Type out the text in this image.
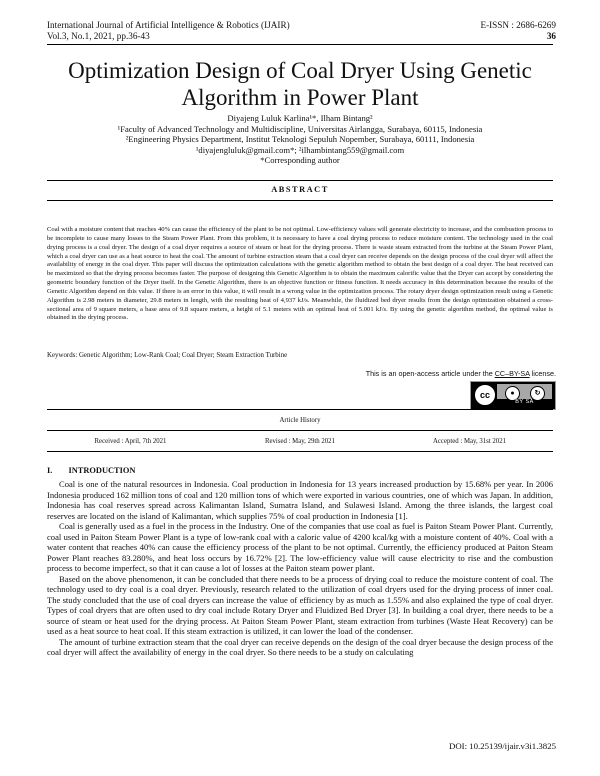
International Journal of Artificial Intelligence & Robotics (IJAIR)
Vol.3, No.1, 2021, pp.36-43
E-ISSN : 2686-6269
36
Optimization Design of Coal Dryer Using Genetic Algorithm in Power Plant
Diyajeng Luluk Karlina¹*, Ilham Bintang²
¹Faculty of Advanced Technology and Multidiscipline, Universitas Airlangga, Surabaya, 60115, Indonesia
²Engineering Physics Department, Institut Teknologi Sepuluh Nopember, Surabaya, 60111, Indonesia
¹diyajengluluk@gmail.com*; ²ilhambintang559@gmail.com
*Corresponding author
ABSTRACT
Coal with a moisture content that reaches 40% can cause the efficiency of the plant to be not optimal. Low-efficiency values will generate electricity to increase, and the combustion process to be incomplete to cause many losses to the Steam Power Plant. From this problem, it is necessary to have a coal drying process to reduce moisture content. The technology used in the coal drying process is a coal dryer. The design of a coal dryer requires a source of steam or heat for the drying process. There is waste steam extracted from the turbine at the Steam Power Plant, which a coal dryer can use as a heat source to heat the coal. The amount of turbine extraction steam that a coal dryer can receive depends on the design process of the coal dryer will affect the availability of energy in the coal dryer. This paper will discuss the optimization calculations with the genetic algorithm method to obtain the best design of a coal dryer. The heat received can be maximized so that the drying process becomes faster. The purpose of designing this Genetic Algorithm is to obtain the maximum calorific value that the Dryer can accept by considering the geometric boundary function of the Dryer itself. In the Genetic Algorithm, there is an objective function or fitness function. It needs accuracy in this determination because the results of the Genetic Algorithm depend on this value. If there is an error in this value, it will result in a wrong value in the optimization process. The rotary dryer design optimization result using a Genetic Algorithm is 2.98 meters in diameter, 29.8 meters in length, with the resulting heat of 4,937 kJ/s. Meanwhile, the fluidized bed dryer results from the design optimization obtained a cross-sectional area of 9 square meters, a base area of 9.8 square meters, a height of 5.1 meters with an optimal heat of 5.001 kJ/s. By using the genetic algorithm method, the optimal value is obtained in the drying process.
Keywords: Genetic Algorithm; Low-Rank Coal; Coal Dryer; Steam Extraction Turbine
This is an open-access article under the CC–BY-SA license.
cc	●	↻
BY SA
Article History
Received : April, 7th 2021	Revised : May, 29th 2021	Accepted : May, 31st 2021
I. INTRODUCTION

Coal is one of the natural resources in Indonesia. Coal production in Indonesia for 13 years increased production by 15.68% per year. In 2006 Indonesia produced 162 million tons of coal and 120 million tons of which were exported in various countries, one of which was Japan. In addition, Indonesia has coal reserves spread across Kalimantan Island, Sumatra Island, and Sulawesi Island. Among the three islands, the largest coal reserves are located on the island of Kalimantan, which supplies 75% of coal production in Indonesia [1].

Coal is generally used as a fuel in the process in the Industry. One of the companies that use coal as fuel is Paiton Steam Power Plant. Currently, coal used in Paiton Steam Power Plant is a type of low-rank coal with a caloric value of 4200 kcal/kg with a moisture content of 40%. Coal with a water content that reaches 40% can cause the efficiency process of the plant to be not optimal. Currently, the efficiency produced at Paiton Steam Power Plant reaches 83.280%, and heat loss occurs by 16.72% [2]. The low-efficiency value will cause electricity to rise and the combustion process to become imperfect, so that it can cause a lot of losses at the Paiton steam power plant.

Based on the above phenomenon, it can be concluded that there needs to be a process of drying coal to reduce the moisture content of coal. The technology used to dry coal is a coal dryer. Previously, research related to the utilization of coal dryers used for the drying process of inner coal. The study concluded that the use of coal dryers can increase the value of efficiency by as much as 1.55% and also explained the type of coal dryer. Types of coal dryers that are often used to dry coal include Rotary Dryer and Fluidized Bed Dryer [3]. In building a coal dryer, there needs to be a source of steam or heat used for the drying process. At Paiton Steam Power Plant, steam extraction from turbines (Waste Heat Recovery) can be used as a heat source to heat coal. If this steam extraction is utilized, it can lower the load of the condenser.

The amount of turbine extraction steam that the coal dryer can receive depends on the design of the coal dryer because the design process of the coal dryer will affect the availability of energy in the coal dryer. So there needs to be a study on calculating

DOI: 10.25139/ijair.v3i1.3825
